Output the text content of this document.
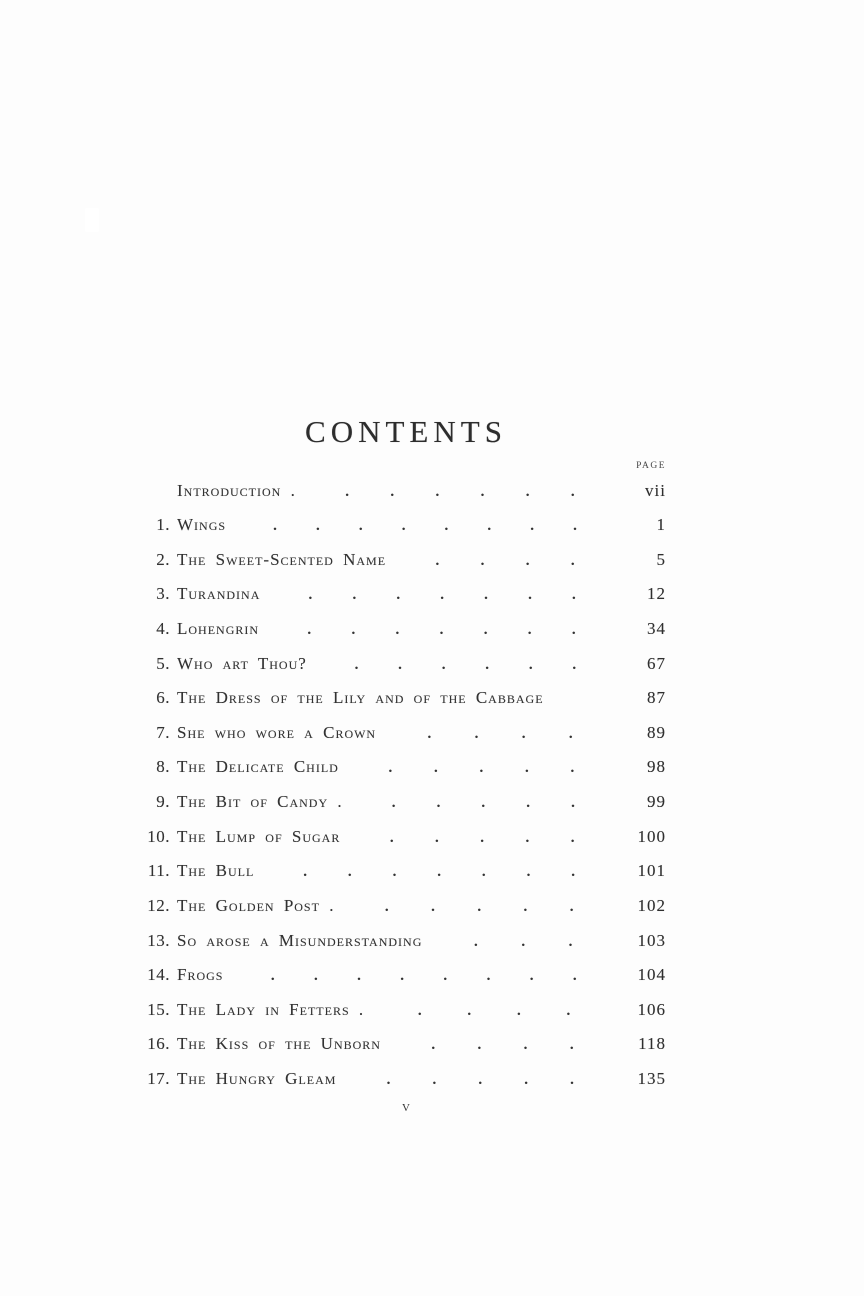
CONTENTS
PAGE
Introduction .	.	.	.	.	.	.	vii
1. Wings	.	.	.	.	.	.	.	.	1
2. The Sweet-Scented Name	.	.	.	.	5
3. Turandina	.	.	.	.	.	.	.	12
4. Lohengrin	.	.	.	.	.	.	.	34
5. Who art Thou?	.	.	.	.	.	.	67
6. The Dress of the Lily and of the Cabbage	87
7. She who wore a Crown	.	.	.	.	89
8. The Delicate Child	.	.	.	.	.	98
9. The Bit of Candy .	.	.	.	.	.	99
10. The Lump of Sugar	.	.	.	.	.	100
11. The Bull	.	.	.	.	.	.	.	101
12. The Golden Post .	.	.	.	.	.	102
13. So arose a Misunderstanding	.	.	.	103
14. Frogs	.	.	.	.	.	.	.	.	104
15. The Lady in Fetters .	.	.	.	.	106
16. The Kiss of the Unborn	.	.	.	.	118
17. The Hungry Gleam	.	.	.	.	.	135
v
